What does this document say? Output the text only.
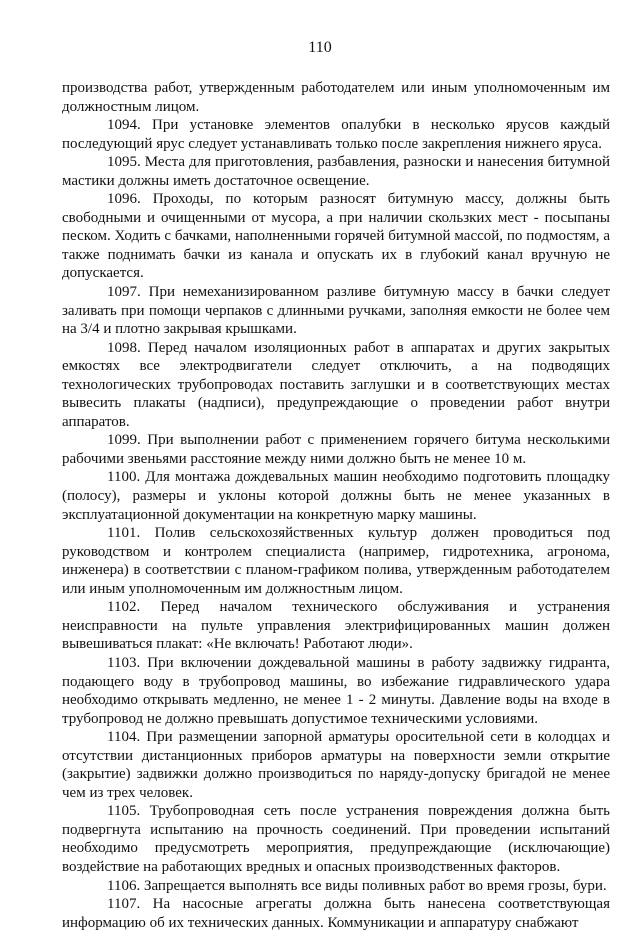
110

производства работ, утвержденным работодателем или иным уполномоченным им должностным лицом.

1094. При установке элементов опалубки в несколько ярусов каждый последующий ярус следует устанавливать только после закрепления нижнего яруса.

1095. Места для приготовления, разбавления, разноски и нанесения битумной мастики должны иметь достаточное освещение.

1096. Проходы, по которым разносят битумную массу, должны быть свободными и очищенными от мусора, а при наличии скользких мест - посыпаны песком. Ходить с бачками, наполненными горячей битумной массой, по подмостям, а также поднимать бачки из канала и опускать их в глубокий канал вручную не допускается.

1097. При немеханизированном разливе битумную массу в бачки следует заливать при помощи черпаков с длинными ручками, заполняя емкости не более чем на 3/4 и плотно закрывая крышками.

1098. Перед началом изоляционных работ в аппаратах и других закрытых емкостях все электродвигатели следует отключить, а на подводящих технологических трубопроводах поставить заглушки и в соответствующих местах вывесить плакаты (надписи), предупреждающие о проведении работ внутри аппаратов.

1099. При выполнении работ с применением горячего битума несколькими рабочими звеньями расстояние между ними должно быть не менее 10 м.

1100. Для монтажа дождевальных машин необходимо подготовить площадку (полосу), размеры и уклоны которой должны быть не менее указанных в эксплуатационной документации на конкретную марку машины.

1101. Полив сельскохозяйственных культур должен проводиться под руководством и контролем специалиста (например, гидротехника, агронома, инженера) в соответствии с планом-графиком полива, утвержденным работодателем или иным уполномоченным им должностным лицом.

1102. Перед началом технического обслуживания и устранения неисправности на пульте управления электрифицированных машин должен вывешиваться плакат: «Не включать! Работают люди».

1103. При включении дождевальной машины в работу задвижку гидранта, подающего воду в трубопровод машины, во избежание гидравлического удара необходимо открывать медленно, не менее 1 - 2 минуты. Давление воды на входе в трубопровод не должно превышать допустимое техническими условиями.

1104. При размещении запорной арматуры оросительной сети в колодцах и отсутствии дистанционных приборов арматуры на поверхности земли открытие (закрытие) задвижки должно производиться по наряду-допуску бригадой не менее чем из трех человек.

1105. Трубопроводная сеть после устранения повреждения должна быть подвергнута испытанию на прочность соединений. При проведении испытаний необходимо предусмотреть мероприятия, предупреждающие (исключающие) воздействие на работающих вредных и опасных производственных факторов.

1106. Запрещается выполнять все виды поливных работ во время грозы, бури.

1107. На насосные агрегаты должна быть нанесена соответствующая информацию об их технических данных. Коммуникации и аппаратуру снабжают
